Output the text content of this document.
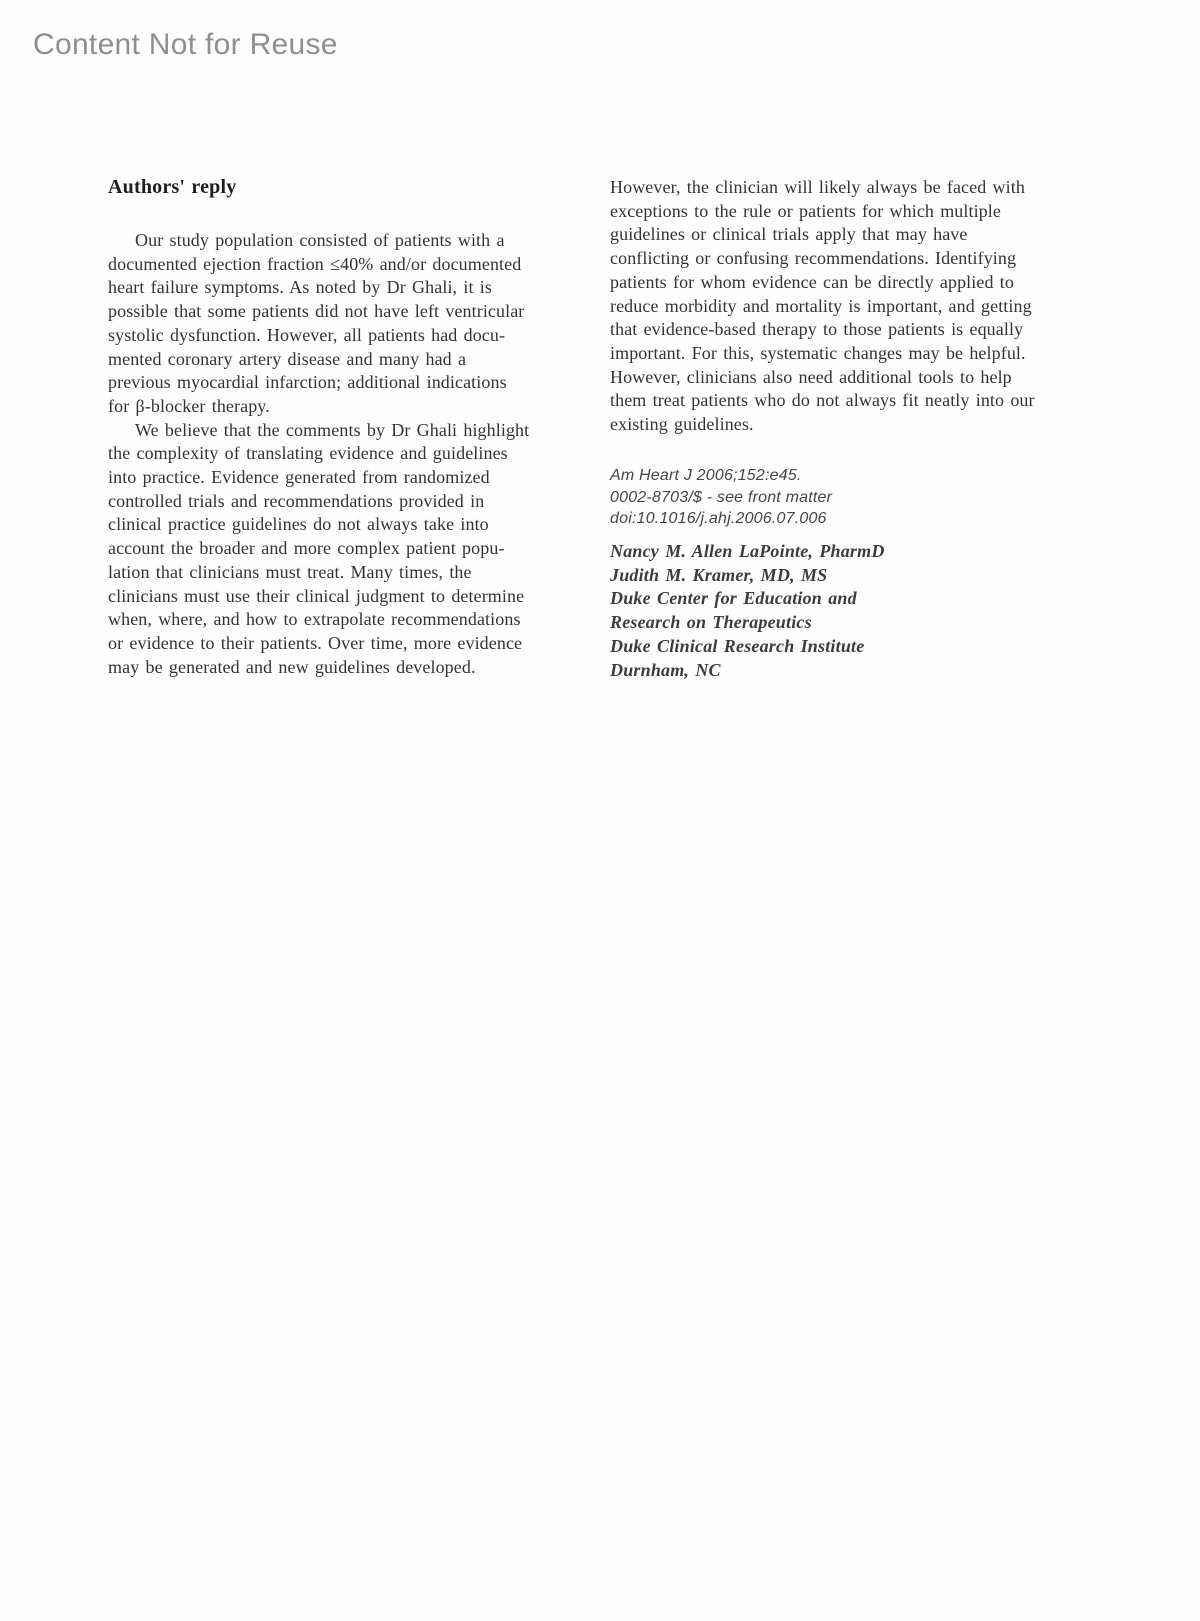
Content Not for Reuse
Authors' reply
Our study population consisted of patients with a
documented ejection fraction ≤40% and/or documented
heart failure symptoms. As noted by Dr Ghali, it is
possible that some patients did not have left ventricular
systolic dysfunction. However, all patients had docu-
mented coronary artery disease and many had a
previous myocardial infarction; additional indications
for β-blocker therapy.
We believe that the comments by Dr Ghali highlight
the complexity of translating evidence and guidelines
into practice. Evidence generated from randomized
controlled trials and recommendations provided in
clinical practice guidelines do not always take into
account the broader and more complex patient popu-
lation that clinicians must treat. Many times, the
clinicians must use their clinical judgment to determine
when, where, and how to extrapolate recommendations
or evidence to their patients. Over time, more evidence
may be generated and new guidelines developed.
However, the clinician will likely always be faced with
exceptions to the rule or patients for which multiple
guidelines or clinical trials apply that may have
conflicting or confusing recommendations. Identifying
patients for whom evidence can be directly applied to
reduce morbidity and mortality is important, and getting
that evidence-based therapy to those patients is equally
important. For this, systematic changes may be helpful.
However, clinicians also need additional tools to help
them treat patients who do not always fit neatly into our
existing guidelines.
Am Heart J 2006;152:e45.
0002-8703/$ - see front matter
doi:10.1016/j.ahj.2006.07.006
Nancy M. Allen LaPointe, PharmD
Judith M. Kramer, MD, MS
Duke Center for Education and
Research on Therapeutics
Duke Clinical Research Institute
Durnham, NC
